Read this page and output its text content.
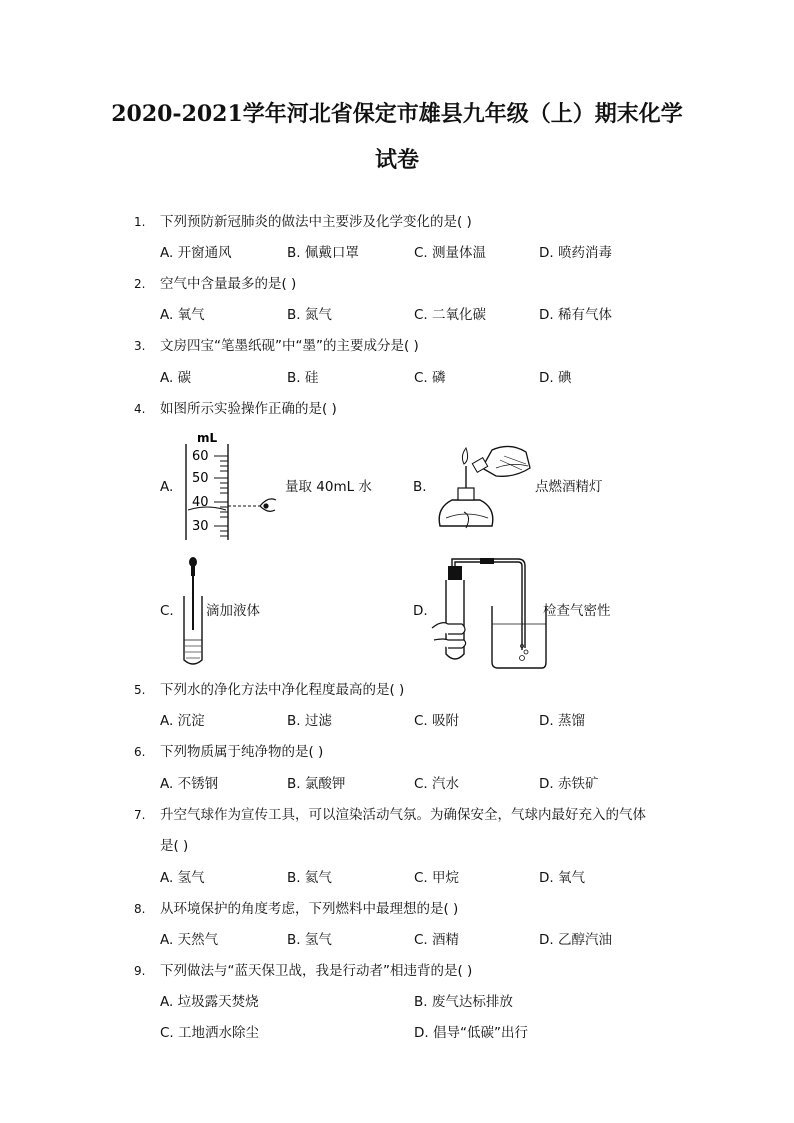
2020-2021学年河北省保定市雄县九年级（上）期末化学
试卷
1.	下列预防新冠肺炎的做法中主要涉及化学变化的是( )
A. 开窗通风	B. 佩戴口罩	C. 测量体温	D. 喷药消毒
2.	空气中含量最多的是( )
A. 氧气	B. 氮气	C. 二氧化碳	D. 稀有气体
3.	文房四宝“笔墨纸砚”中“墨”的主要成分是( )
A. 碳	B. 硅	C. 磷	D. 碘
4.	如图所示实验操作正确的是( )
A.
mL
60
50
40
30
量取 40mL 水	B.	点燃酒精灯
C. 滴加液体	D.	检查气密性
5.	下列水的净化方法中净化程度最高的是( )
A. 沉淀	B. 过滤	C. 吸附	D. 蒸馏
6.	下列物质属于纯净物的是( )
A. 不锈钢	B. 氯酸钾	C. 汽水	D. 赤铁矿
7.	升空气球作为宣传工具，可以渲染活动气氛。为确保安全，气球内最好充入的气体
是( )
A. 氢气	B. 氦气	C. 甲烷	D. 氧气
8.	从环境保护的角度考虑，下列燃料中最理想的是( )
A. 天然气	B. 氢气	C. 酒精	D. 乙醇汽油
9.	下列做法与“蓝天保卫战，我是行动者”相违背的是( )
A. 垃圾露天焚烧	B. 废气达标排放
C. 工地洒水除尘	D. 倡导“低碳”出行
